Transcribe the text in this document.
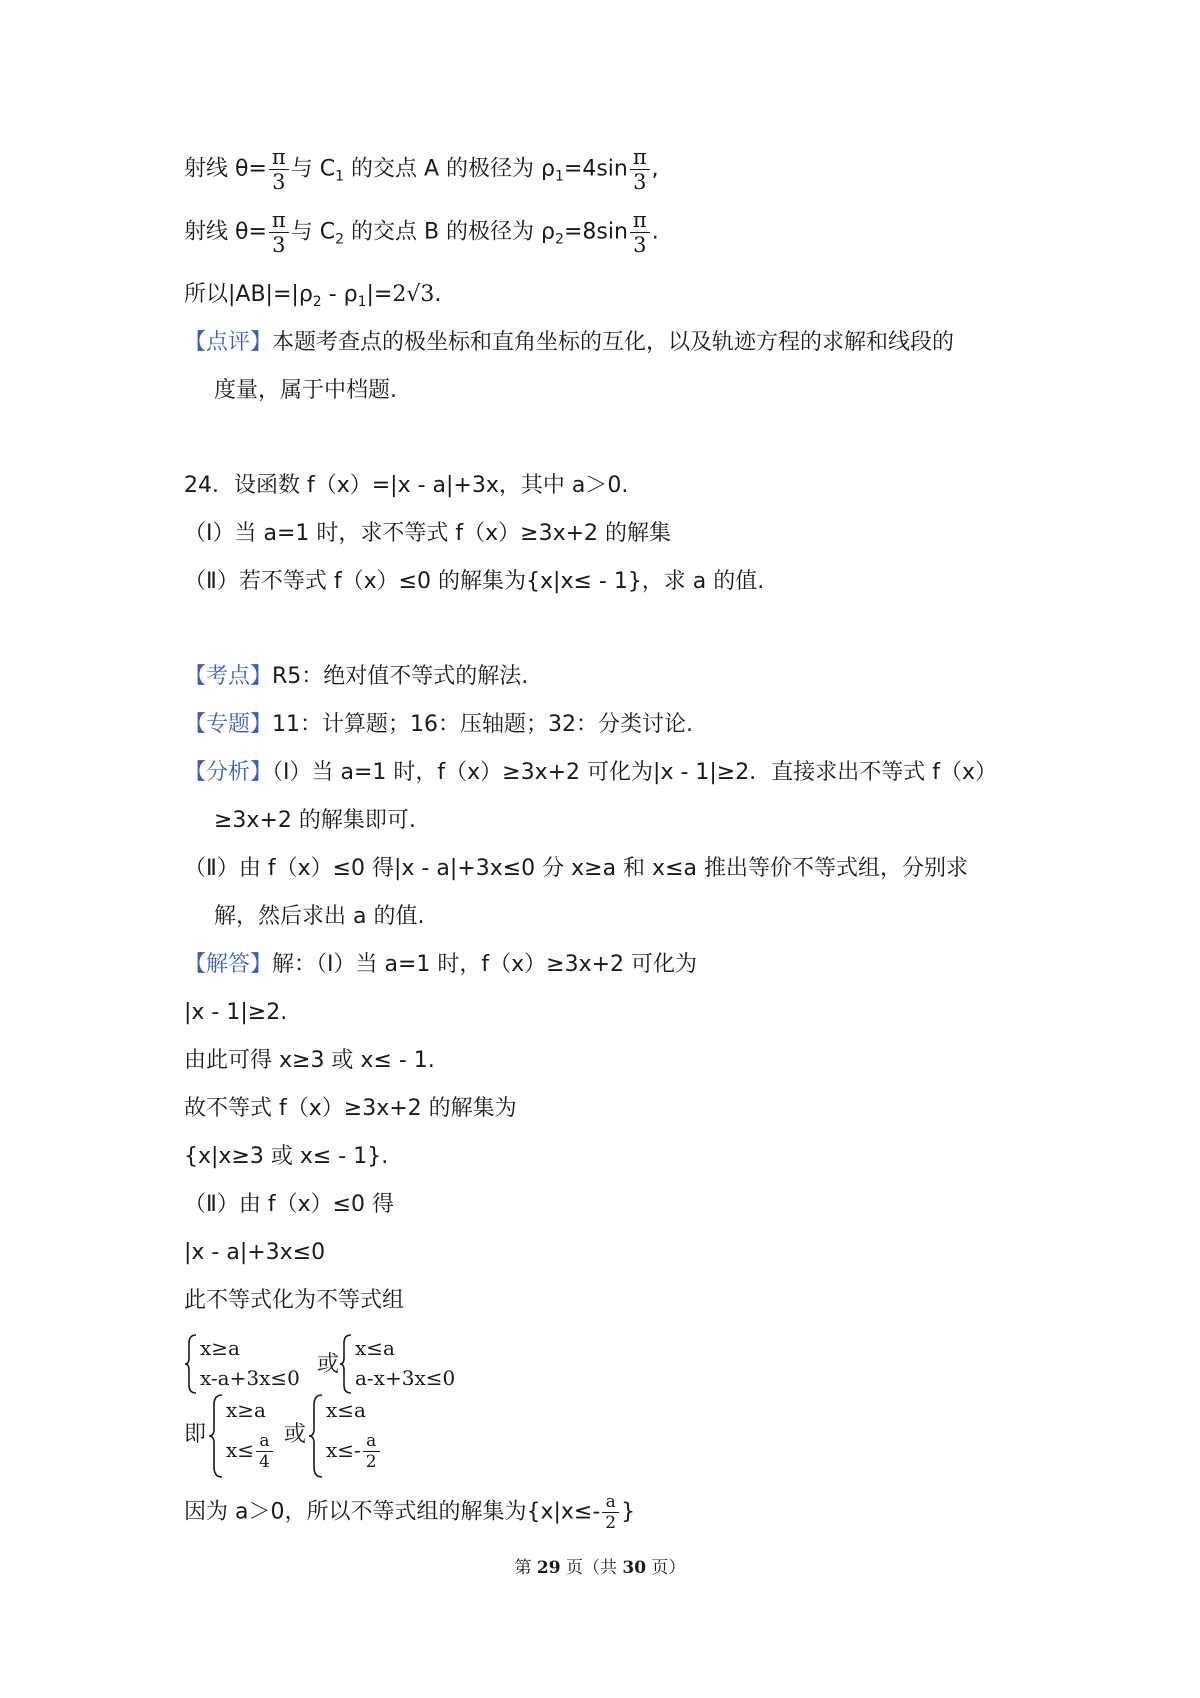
射线 $\theta= \frac{\pi}{3}$ 与 $C_1$ 的交点 A 的极径为 $\rho_1=4\sin \frac{\pi}{3}$ ,
射线 $\theta= \frac{\pi}{3}$ 与 $C_2$ 的交点 B 的极径为 $\rho_2=8\sin \frac{\pi}{3}$ .
所以$|AB|=|\rho_2 - \rho_1|=2√3$.
【点评】本题考查点的极坐标和直角坐标的互化，以及轨迹方程的求解和线段的
度量，属于中档题.
24．设函数 f（x）=|x - a|+3x，其中 a＞0.
（Ⅰ）当 a=1 时，求不等式 f（x）≥3x+2 的解集
（Ⅱ）若不等式 f（x）≤0 的解集为{x|x≤ - 1}，求 a 的值.
【考点】R5：绝对值不等式的解法.
【专题】11：计算题；16：压轴题；32：分类讨论.
【分析】（Ⅰ）当 a=1 时，f（x）≥3x+2 可化为|x - 1|≥2．直接求出不等式 f（x）
≥3x+2 的解集即可.
（Ⅱ）由 f（x）≤0 得|x - a|+3x≤0 分 x≥a 和 x≤a 推出等价不等式组，分别求
解，然后求出 a 的值.
【解答】解：（Ⅰ）当 a=1 时，f（x）≥3x+2 可化为
|x - 1|≥2.
由此可得 x≥3 或 x≤ - 1.
故不等式 f（x）≥3x+2 的解集为
{x|x≥3 或 x≤ - 1}.
（Ⅱ）由 f（x）≤0 得
|x - a|+3x≤0
此不等式化为不等式组
x≥a
x-a+3x≤0
或
x≤a
a-x+3x≤0
即
x≥a
$x\le \frac{a}{4}$ 或
x≤a
$x\le- \frac{a}{2}$
因为 a＞0，所以不等式组的解集为{$x|x\le- \frac{a}{2}$ }
第 29 页（共 30 页）
